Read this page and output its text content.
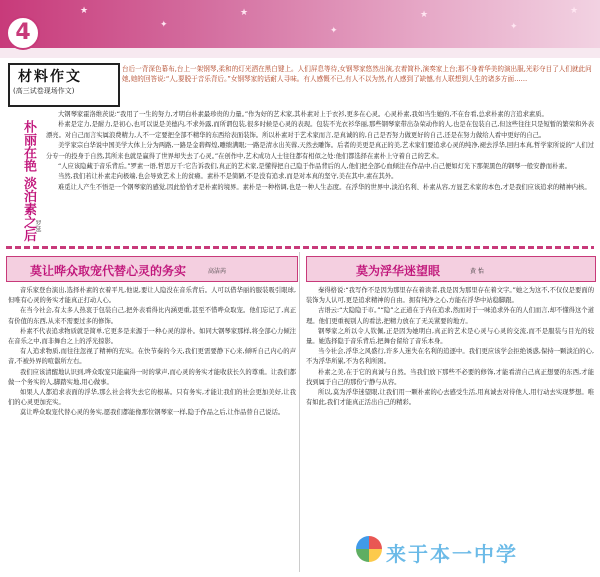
★
✦
★
✦
★
✦
★
4
材料作文
(高三试卷现场作文)
台后一背深色幕布,台上一架钢琴,柔和的灯光洒在黑白键上。人们屏息等待,女钢琴家悠然出演,衣着简朴,演奏家上台;那不身着华美的演出服,光彩夺目了人们就此问她,她的回答说:“人,要脱于音乐背后。”女钢琴家的话耐人寻味。有人感慨不已,有人不以为然,有人感到了缺憾,有人联想到人生的诸多方面……
朴丽在艳 淡泊素之后
罗延

大钢琴家霍洛维茨说:“我用了一生的努力,才明白朴素最珍贵的力量。”作为好的艺术家,其朴素对上于衣衫,更多在心灵。心灵朴素,我如当生她的,不在台看,总求朴素的言追求素质。

朴素是定力,是耐力,是初心,也可以说是美德内,不求外露,而所谓包装,很多时候是心灵的表现。包装不光衣衫华丽,那些钢琴家带出杂荣动作的人,也是在包装自己,但这些往往只是短暂的繁荣和外表漂亮。对自己而言实属浪费精力,人不一定要把全部不精华的东西给表面装饰。所以朴素对于艺术家而言,是真诚的的,自己是否努力做更好的自己,还是在努力做给人看中更好的自己。

美学家宗白华说中国美学大体上分为两路,一路是金碧辉煌,雕缋满眼;一路是清水出芙蓉,天然去雕饰。后者的美更是真正的美,艺术家们要追求心灵的纯净,褪去浮华,回归本真,哲学家所说的“人们过分专一的投身于自然,其所来也就是赢得了世界却失去了心灵。”在创作中,艺术成功人士往往都有相似之处:他们都选择在素朴上守着自己的艺术。

“人应该隐藏于音乐背后。”罗素一语,哲思万千:它告诉我们,真正的艺术家,是懂得把自己隐于作品背后的人,他们把全部心血倾注在作品中,自己便如灯光下那架黑色的钢琴一般安静而朴素。

当然,我们若让朴素走向极端,也会导致艺术上的贫瘠。素朴不是简陋,不是没有追求,而是对本真的坚守,美在其中,素在其外。

难觅让人产生不悟是一个钢琴家的感觉,因此恰恰才是朴素的境界。素朴是一种格调,也是一种人生态度。在浮华的世界中,淡泊名利、朴素从容,方显艺术家的本色,才是我们应该追求的精神内核。

莫让哗众取宠代替心灵的务实	高洁芮

音乐家登台演出,选择朴素的衣着平凡,他说,要让人隐没在音乐背后。人可以借华丽的服装吸引眼球,但唯有心灵的务实才能真正打动人心。

在当今社会,有太多人热衷于包装自己,把外表看得比内涵更重,甚至不惜哗众取宠。他们忘记了,真正有价值的东西,从来不需要过多的修饰。

朴素不代表追求物质就是简单,它更多是来源于一种心灵的淳朴。如同大钢琴家那样,将全部心力倾注在音乐之中,而非舞台之上的浮光掠影。

有人追求物质,而往往忽视了精神的充实。在快节奏的今天,我们更需要静下心来,倾听自己内心的声音,不被外界的喧嚣所左右。

我们应该清醒地认识到,哗众取宠只能赢得一时的掌声,而心灵的务实才能收获长久的尊重。让我们都做一个务实的人,脚踏实地,用心做事。

如果人人都追求表面的浮华,那么社会将失去它的根基。只有务实,才能让我们的社会更加美好,让我们的心灵更加充实。

莫让哗众取宠代替心灵的务实,愿我们都能像那位钢琴家一样,隐于作品之后,让作品替自己说话。

莫为浮华迷望眼	黄 怡

秦得格说:“我写作不是因为那里存在着读者,我是因为那里存在着文字。”她之为这不,不仅仅是要面的装饰为人认可,更是追求精神的自由。拥有纯净之心,方能在浮华中站稳脚跟。

古语云:“大隐隐于市。”“隐”之正道在于内在追求,然而对于一味追求外在的人们而言,却不懂得这个道理。他们更重视别人的看法,把精力放在了无关紧要的地方。

钢琴家之所以令人钦佩,正是因为她明白,真正的艺术是心灵与心灵的交流,而不是服装与目光的较量。她选择隐于音乐背后,把舞台留给了音乐本身。

当今社会,浮华之风盛行,许多人迷失在名利的追逐中。我们更应该学会拒绝诱惑,保持一颗淡泊的心,不为浮华所累,不为名利所困。

朴素之美,在于它的真诚与自然。当我们放下那些不必要的修饰,才能看清自己真正想要的东西,才能找到属于自己的那份宁静与从容。

所以,莫为浮华迷望眼,让我们用一颗朴素的心去感受生活,用真诚去对待他人,用行动去实现梦想。唯有如此,我们才能真正活出自己的精彩。

来于本一中学
